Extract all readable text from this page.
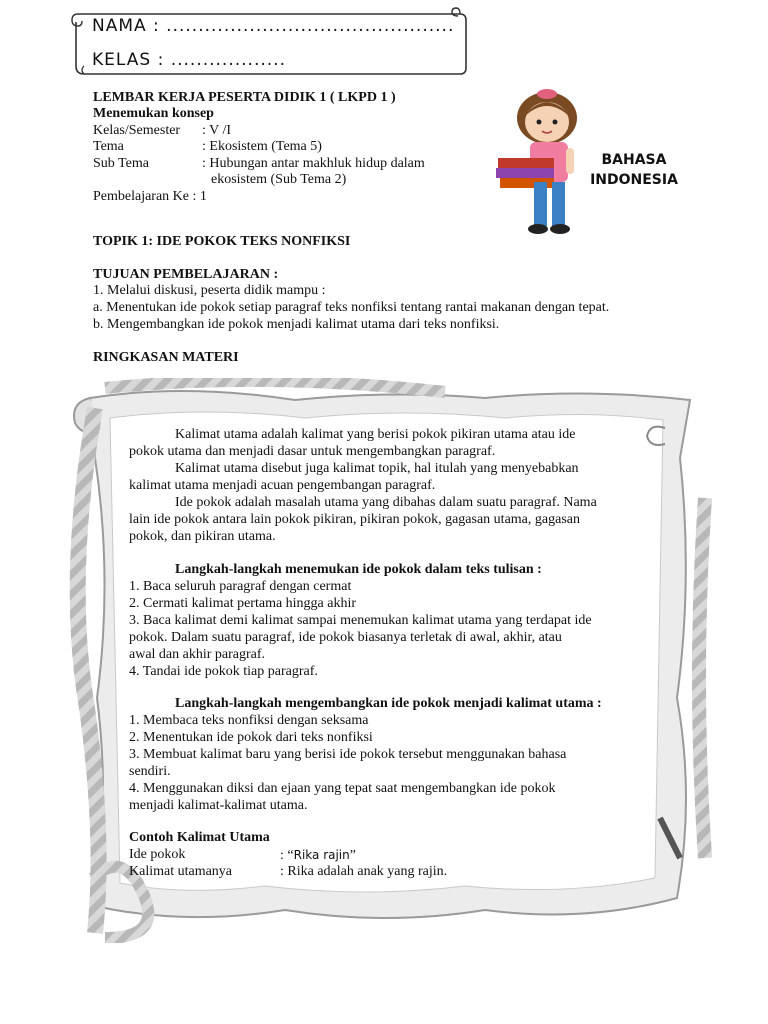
NAMA : .............................................
KELAS : ..................
LEMBAR KERJA PESERTA DIDIK 1 ( LKPD 1 )
Menemukan konsep
Kelas/Semester : V /I
Tema	: Ekosistem (Tema 5)
Sub Tema	: Hubungan antar makhluk hidup dalam
ekosistem (Sub Tema 2)
Pembelajaran Ke : 1
BAHASA
INDONESIA
TOPIK 1: IDE POKOK TEKS NONFIKSI
TUJUAN PEMBELAJARAN :
1. Melalui diskusi, peserta didik mampu :
a. Menentukan ide pokok setiap paragraf teks nonfiksi tentang rantai makanan dengan tepat.
b. Mengembangkan ide pokok menjadi kalimat utama dari teks nonfiksi.
RINGKASAN MATERI
Kalimat utama adalah kalimat yang berisi pokok pikiran utama atau ide
pokok utama dan menjadi dasar untuk mengembangkan paragraf.
Kalimat utama disebut juga kalimat topik, hal itulah yang menyebabkan
kalimat utama menjadi acuan pengembangan paragraf.
Ide pokok adalah masalah utama yang dibahas dalam suatu paragraf. Nama
lain ide pokok antara lain pokok pikiran, pikiran pokok, gagasan utama, gagasan
pokok, dan pikiran utama.
Langkah-langkah menemukan ide pokok dalam teks tulisan :
1. Baca seluruh paragraf dengan cermat
2. Cermati kalimat pertama hingga akhir
3. Baca kalimat demi kalimat sampai menemukan kalimat utama yang terdapat ide
pokok. Dalam suatu paragraf, ide pokok biasanya terletak di awal, akhir, atau
awal dan akhir paragraf.
4. Tandai ide pokok tiap paragraf.
Langkah-langkah mengembangkan ide pokok menjadi kalimat utama :
1. Membaca teks nonfiksi dengan seksama
2. Menentukan ide pokok dari teks nonfiksi
3. Membuat kalimat baru yang berisi ide pokok tersebut menggunakan bahasa
sendiri.
4. Menggunakan diksi dan ejaan yang tepat saat mengembangkan ide pokok
menjadi kalimat-kalimat utama.
Contoh Kalimat Utama
Ide pokok	: “Rika rajin”
Kalimat utamanya	: Rika adalah anak yang rajin.
